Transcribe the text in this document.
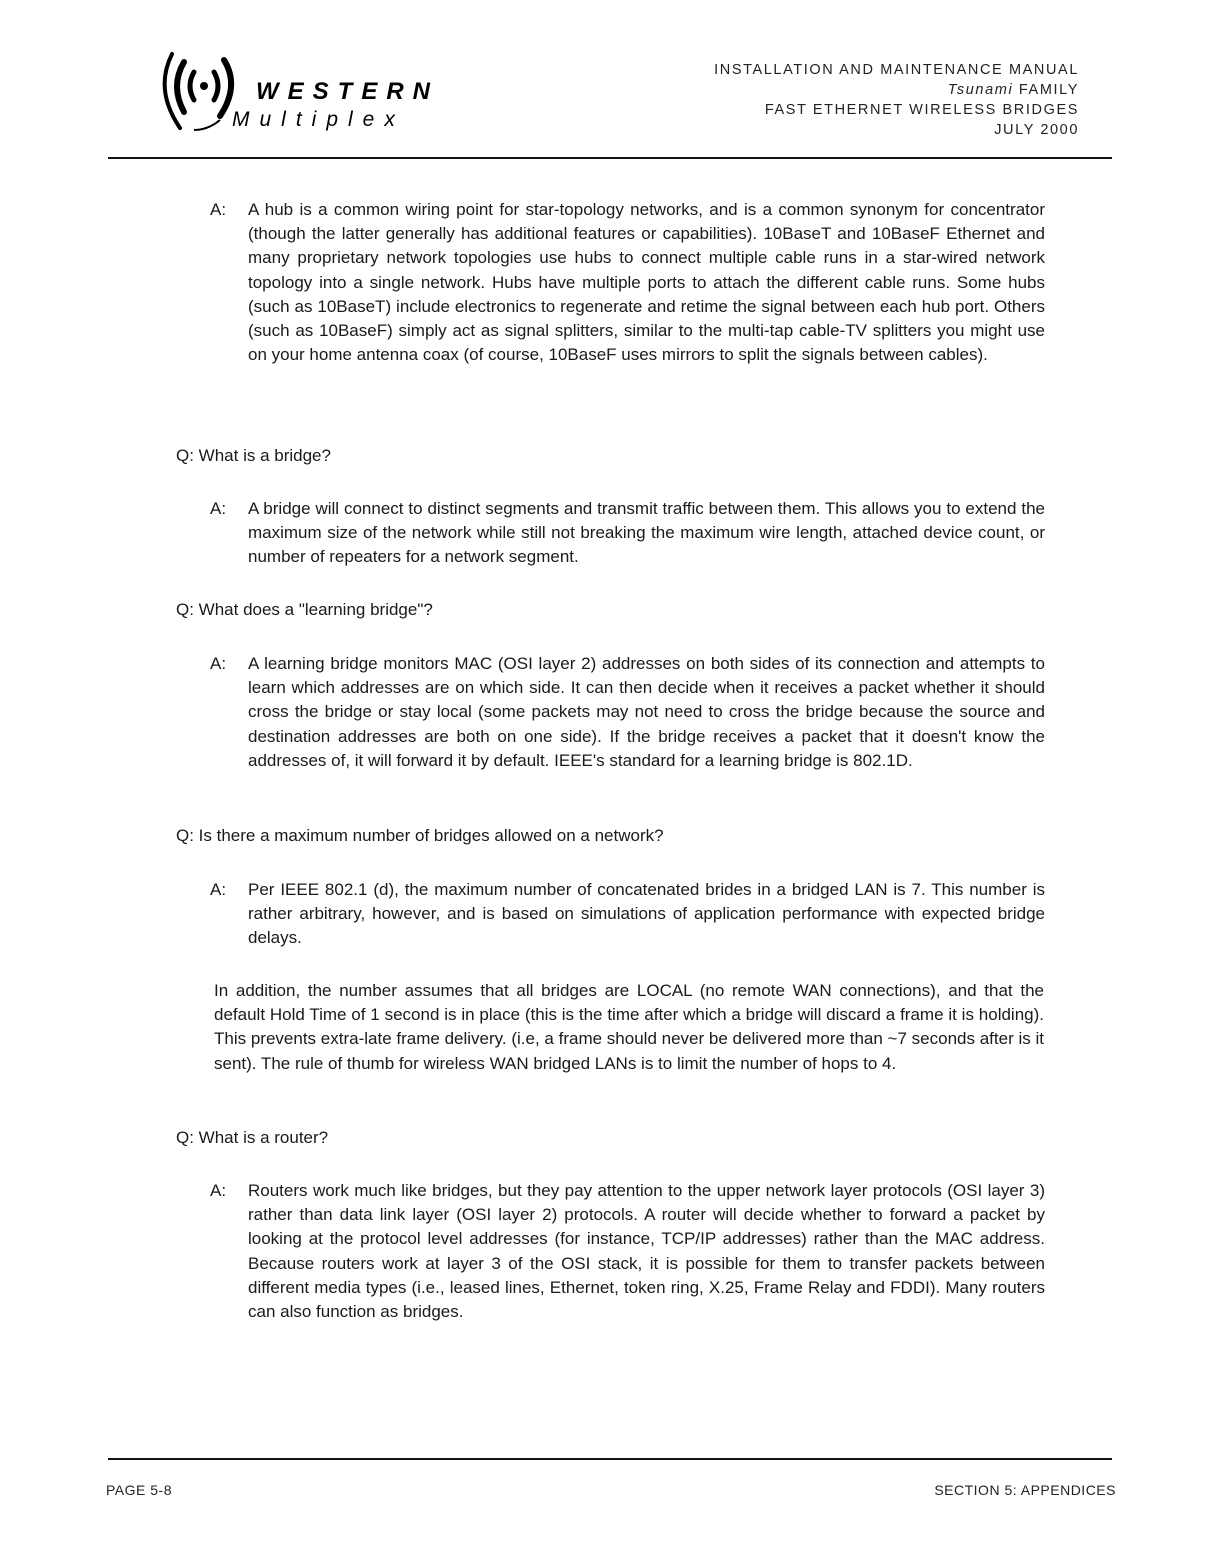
WESTERN
Multiplex
INSTALLATION AND MAINTENANCE MANUAL
Tsunami FAMILY
FAST ETHERNET WIRELESS BRIDGES
JULY 2000
A:	A hub is a common wiring point for star-topology networks, and is a common synonym for concentrator (though the latter generally has additional features or capabilities). 10BaseT and 10BaseF Ethernet and many proprietary network topologies use hubs to connect multiple cable runs in a star-wired network topology into a single network. Hubs have multiple ports to attach the different cable runs. Some hubs (such as 10BaseT) include electronics to regenerate and retime the signal between each hub port. Others (such as 10BaseF) simply act as signal splitters, similar to the multi-tap cable-TV splitters you might use on your home antenna coax (of course, 10BaseF uses mirrors to split the signals between cables).
Q: What is a bridge?
A:	A bridge will connect to distinct segments and transmit traffic between them. This allows you to extend the maximum size of the network while still not breaking the maximum wire length, attached device count, or number of repeaters for a network segment.
Q: What does a "learning bridge"?
A:	A learning bridge monitors MAC (OSI layer 2) addresses on both sides of its connection and attempts to learn which addresses are on which side. It can then decide when it receives a packet whether it should cross the bridge or stay local (some packets may not need to cross the bridge because the source and destination addresses are both on one side). If the bridge receives a packet that it doesn't know the addresses of, it will forward it by default. IEEE's standard for a learning bridge is 802.1D.
Q: Is there a maximum number of bridges allowed on a network?
A:	Per IEEE 802.1 (d), the maximum number of concatenated brides in a bridged LAN is 7. This number is rather arbitrary, however, and is based on simulations of application performance with expected bridge delays.
In addition, the number assumes that all bridges are LOCAL (no remote WAN connections), and that the default Hold Time of 1 second is in place (this is the time after which a bridge will discard a frame it is holding). This prevents extra-late frame delivery. (i.e, a frame should never be delivered more than ~7 seconds after is it sent). The rule of thumb for wireless WAN bridged LANs is to limit the number of hops to 4.
Q: What is a router?
A:	Routers work much like bridges, but they pay attention to the upper network layer protocols (OSI layer 3) rather than data link layer (OSI layer 2) protocols. A router will decide whether to forward a packet by looking at the protocol level addresses (for instance, TCP/IP addresses) rather than the MAC address. Because routers work at layer 3 of the OSI stack, it is possible for them to transfer packets between different media types (i.e., leased lines, Ethernet, token ring, X.25, Frame Relay and FDDI). Many routers can also function as bridges.
PAGE 5-8	SECTION 5: APPENDICES
